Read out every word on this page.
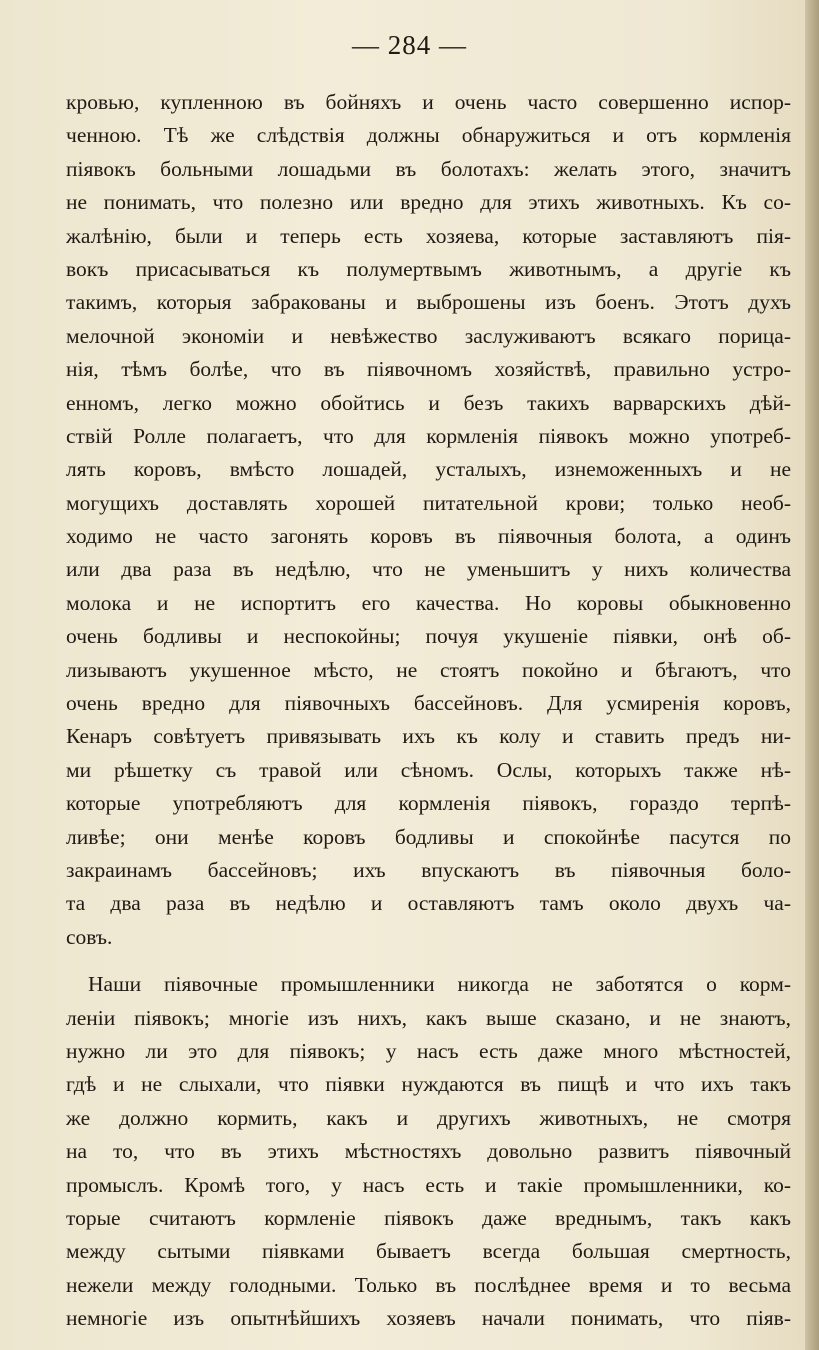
— 284 —
кровью, купленною въ бойняхъ и очень часто совершенно испор-
ченною. Тѣ же слѣдствія должны обнаружиться и отъ кормленія
піявокъ больными лошадьми въ болотахъ: желать этого, значитъ
не понимать, что полезно или вредно для этихъ животныхъ. Къ со-
жалѣнію, были и теперь есть хозяева, которые заставляютъ пія-
вокъ присасываться къ полумертвымъ животнымъ, а другіе къ
такимъ, которыя забракованы и выброшены изъ боенъ. Этотъ духъ
мелочной экономіи и невѣжество заслуживаютъ всякаго порица-
нія, тѣмъ болѣе, что въ піявочномъ хозяйствѣ, правильно устро-
енномъ, легко можно обойтись и безъ такихъ варварскихъ дѣй-
ствій Ролле полагаетъ, что для кормленія піявокъ можно употреб-
лять коровъ, вмѣсто лошадей, усталыхъ, изнеможенныхъ и не
могущихъ доставлять хорошей питательной крови; только необ-
ходимо не часто загонять коровъ въ піявочныя болота, а одинъ
или два раза въ недѣлю, что не уменьшитъ у нихъ количества
молока и не испортитъ его качества. Но коровы обыкновенно
очень бодливы и неспокойны; почуя укушеніе піявки, онѣ об-
лизываютъ укушенное мѣсто, не стоятъ покойно и бѣгаютъ, что
очень вредно для піявочныхъ бассейновъ. Для усмиренія коровъ,
Кенаръ совѣтуетъ привязывать ихъ къ колу и ставить предъ ни-
ми рѣшетку съ травой или сѣномъ. Ослы, которыхъ также нѣ-
которые употребляютъ для кормленія піявокъ, гораздо терпѣ-
ливѣе; они менѣе коровъ бодливы и спокойнѣе пасутся по
закраинамъ бассейновъ; ихъ впускаютъ въ піявочныя боло-
та два раза въ недѣлю и оставляютъ тамъ около двухъ ча-
совъ.
Наши піявочные промышленники никогда не заботятся о корм-
леніи піявокъ; многіе изъ нихъ, какъ выше сказано, и не знаютъ,
нужно ли это для піявокъ; у насъ есть даже много мѣстностей,
гдѣ и не слыхали, что піявки нуждаются въ пищѣ и что ихъ такъ
же должно кормить, какъ и другихъ животныхъ, не смотря
на то, что въ этихъ мѣстностяхъ довольно развитъ піявочный
промыслъ. Кромѣ того, у насъ есть и такіе промышленники, ко-
торые считаютъ кормленіе піявокъ даже вреднымъ, такъ какъ
между сытыми піявками бываетъ всегда большая смертность,
нежели между голодными. Только въ послѣднее время и то весьма
немногіе изъ опытнѣйшихъ хозяевъ начали понимать, что пiяв-
